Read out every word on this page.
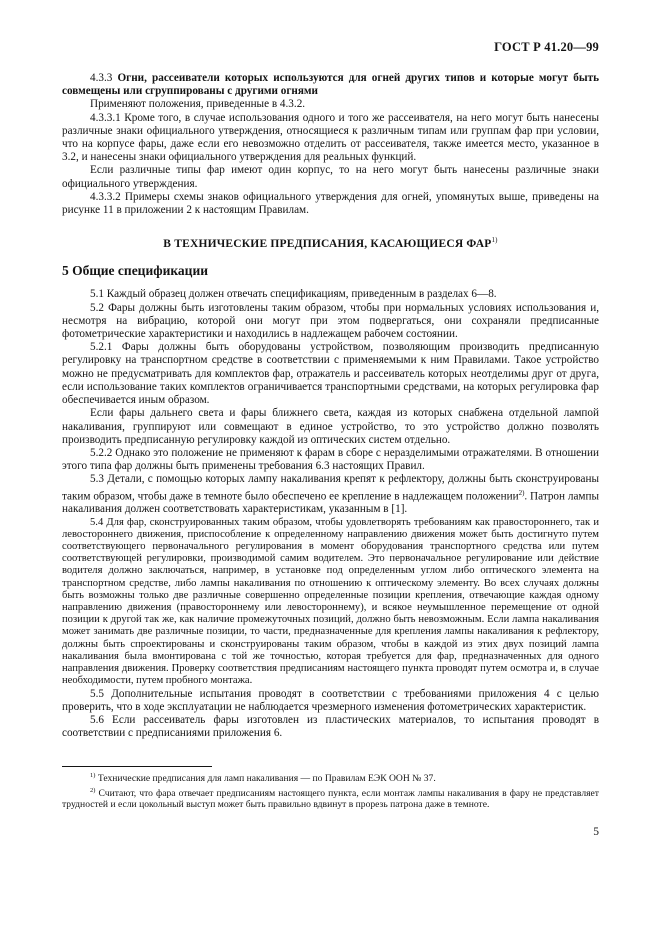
ГОСТ Р 41.20—99

4.3.3 Огни, рассеиватели которых используются для огней других типов и которые могут быть совмещены или сгруппированы с другими огнями

Применяют положения, приведенные в 4.3.2.

4.3.3.1 Кроме того, в случае использования одного и того же рассеивателя, на него могут быть нанесены различные знаки официального утверждения, относящиеся к различным типам или группам фар при условии, что на корпусе фары, даже если его невозможно отделить от рассеивателя, также имеется место, указанное в 3.2, и нанесены знаки официального утверждения для реальных функций.

Если различные типы фар имеют один корпус, то на него могут быть нанесены различные знаки официального утверждения.

4.3.3.2 Примеры схемы знаков официального утверждения для огней, упомянутых выше, приведены на рисунке 11 в приложении 2 к настоящим Правилам.

В ТЕХНИЧЕСКИЕ ПРЕДПИСАНИЯ, КАСАЮЩИЕСЯ ФАР$^{1)}$
5 Общие спецификации

5.1 Каждый образец должен отвечать спецификациям, приведенным в разделах 6—8.

5.2 Фары должны быть изготовлены таким образом, чтобы при нормальных условиях использования и, несмотря на вибрацию, которой они могут при этом подвергаться, они сохраняли предписанные фотометрические характеристики и находились в надлежащем рабочем состоянии.

5.2.1 Фары должны быть оборудованы устройством, позволяющим производить предписанную регулировку на транспортном средстве в соответствии с применяемыми к ним Правилами. Такое устройство можно не предусматривать для комплектов фар, отражатель и рассеиватель которых неотделимы друг от друга, если использование таких комплектов ограничивается транспортными средствами, на которых регулировка фар обеспечивается иным образом.

Если фары дальнего света и фары ближнего света, каждая из которых снабжена отдельной лампой накаливания, группируют или совмещают в единое устройство, то это устройство должно позволять производить предписанную регулировку каждой из оптических систем отдельно.

5.2.2 Однако это положение не применяют к фарам в сборе с неразделимыми отражателями. В отношении этого типа фар должны быть применены требования 6.3 настоящих Правил.

5.3 Детали, с помощью которых лампу накаливания крепят к рефлектору, должны быть сконструированы таким образом, чтобы даже в темноте было обеспечено ее крепление в надлежащем положении$^{2)}$. Патрон лампы накаливания должен соответствовать характеристикам, указанным в [1].

5.4 Для фар, сконструированных таким образом, чтобы удовлетворять требованиям как правостороннего, так и левостороннего движения, приспособление к определенному направлению движения может быть достигнуто путем соответствующего первоначального регулирования в момент оборудования транспортного средства или путем соответствующей регулировки, производимой самим водителем. Это первоначальное регулирование или действие водителя должно заключаться, например, в установке под определенным углом либо оптического элемента на транспортном средстве, либо лампы накаливания по отношению к оптическому элементу. Во всех случаях должны быть возможны только две различные совершенно определенные позиции крепления, отвечающие каждая одному направлению движения (правостороннему или левостороннему), и всякое неумышленное перемещение от одной позиции к другой так же, как наличие промежуточных позиций, должно быть невозможным. Если лампа накаливания может занимать две различные позиции, то части, предназначенные для крепления лампы накаливания к рефлектору, должны быть спроектированы и сконструированы таким образом, чтобы в каждой из этих двух позиций лампа накаливания была вмонтирована с той же точностью, которая требуется для фар, предназначенных для одного направления движения. Проверку соответствия предписаниям настоящего пункта проводят путем осмотра и, в случае необходимости, путем пробного монтажа.

5.5 Дополнительные испытания проводят в соответствии с требованиями приложения 4 с целью проверить, что в ходе эксплуатации не наблюдается чрезмерного изменения фотометрических характеристик.

5.6 Если рассеиватель фары изготовлен из пластических материалов, то испытания проводят в соответствии с предписаниями приложения 6.

$^{1)}$ Технические предписания для ламп накаливания — по Правилам ЕЭК ООН № 37.

$^{2)}$ Считают, что фара отвечает предписаниям настоящего пункта, если монтаж лампы накаливания в фару не представляет трудностей и если цокольный выступ может быть правильно вдвинут в прорезь патрона даже в темноте.

5
